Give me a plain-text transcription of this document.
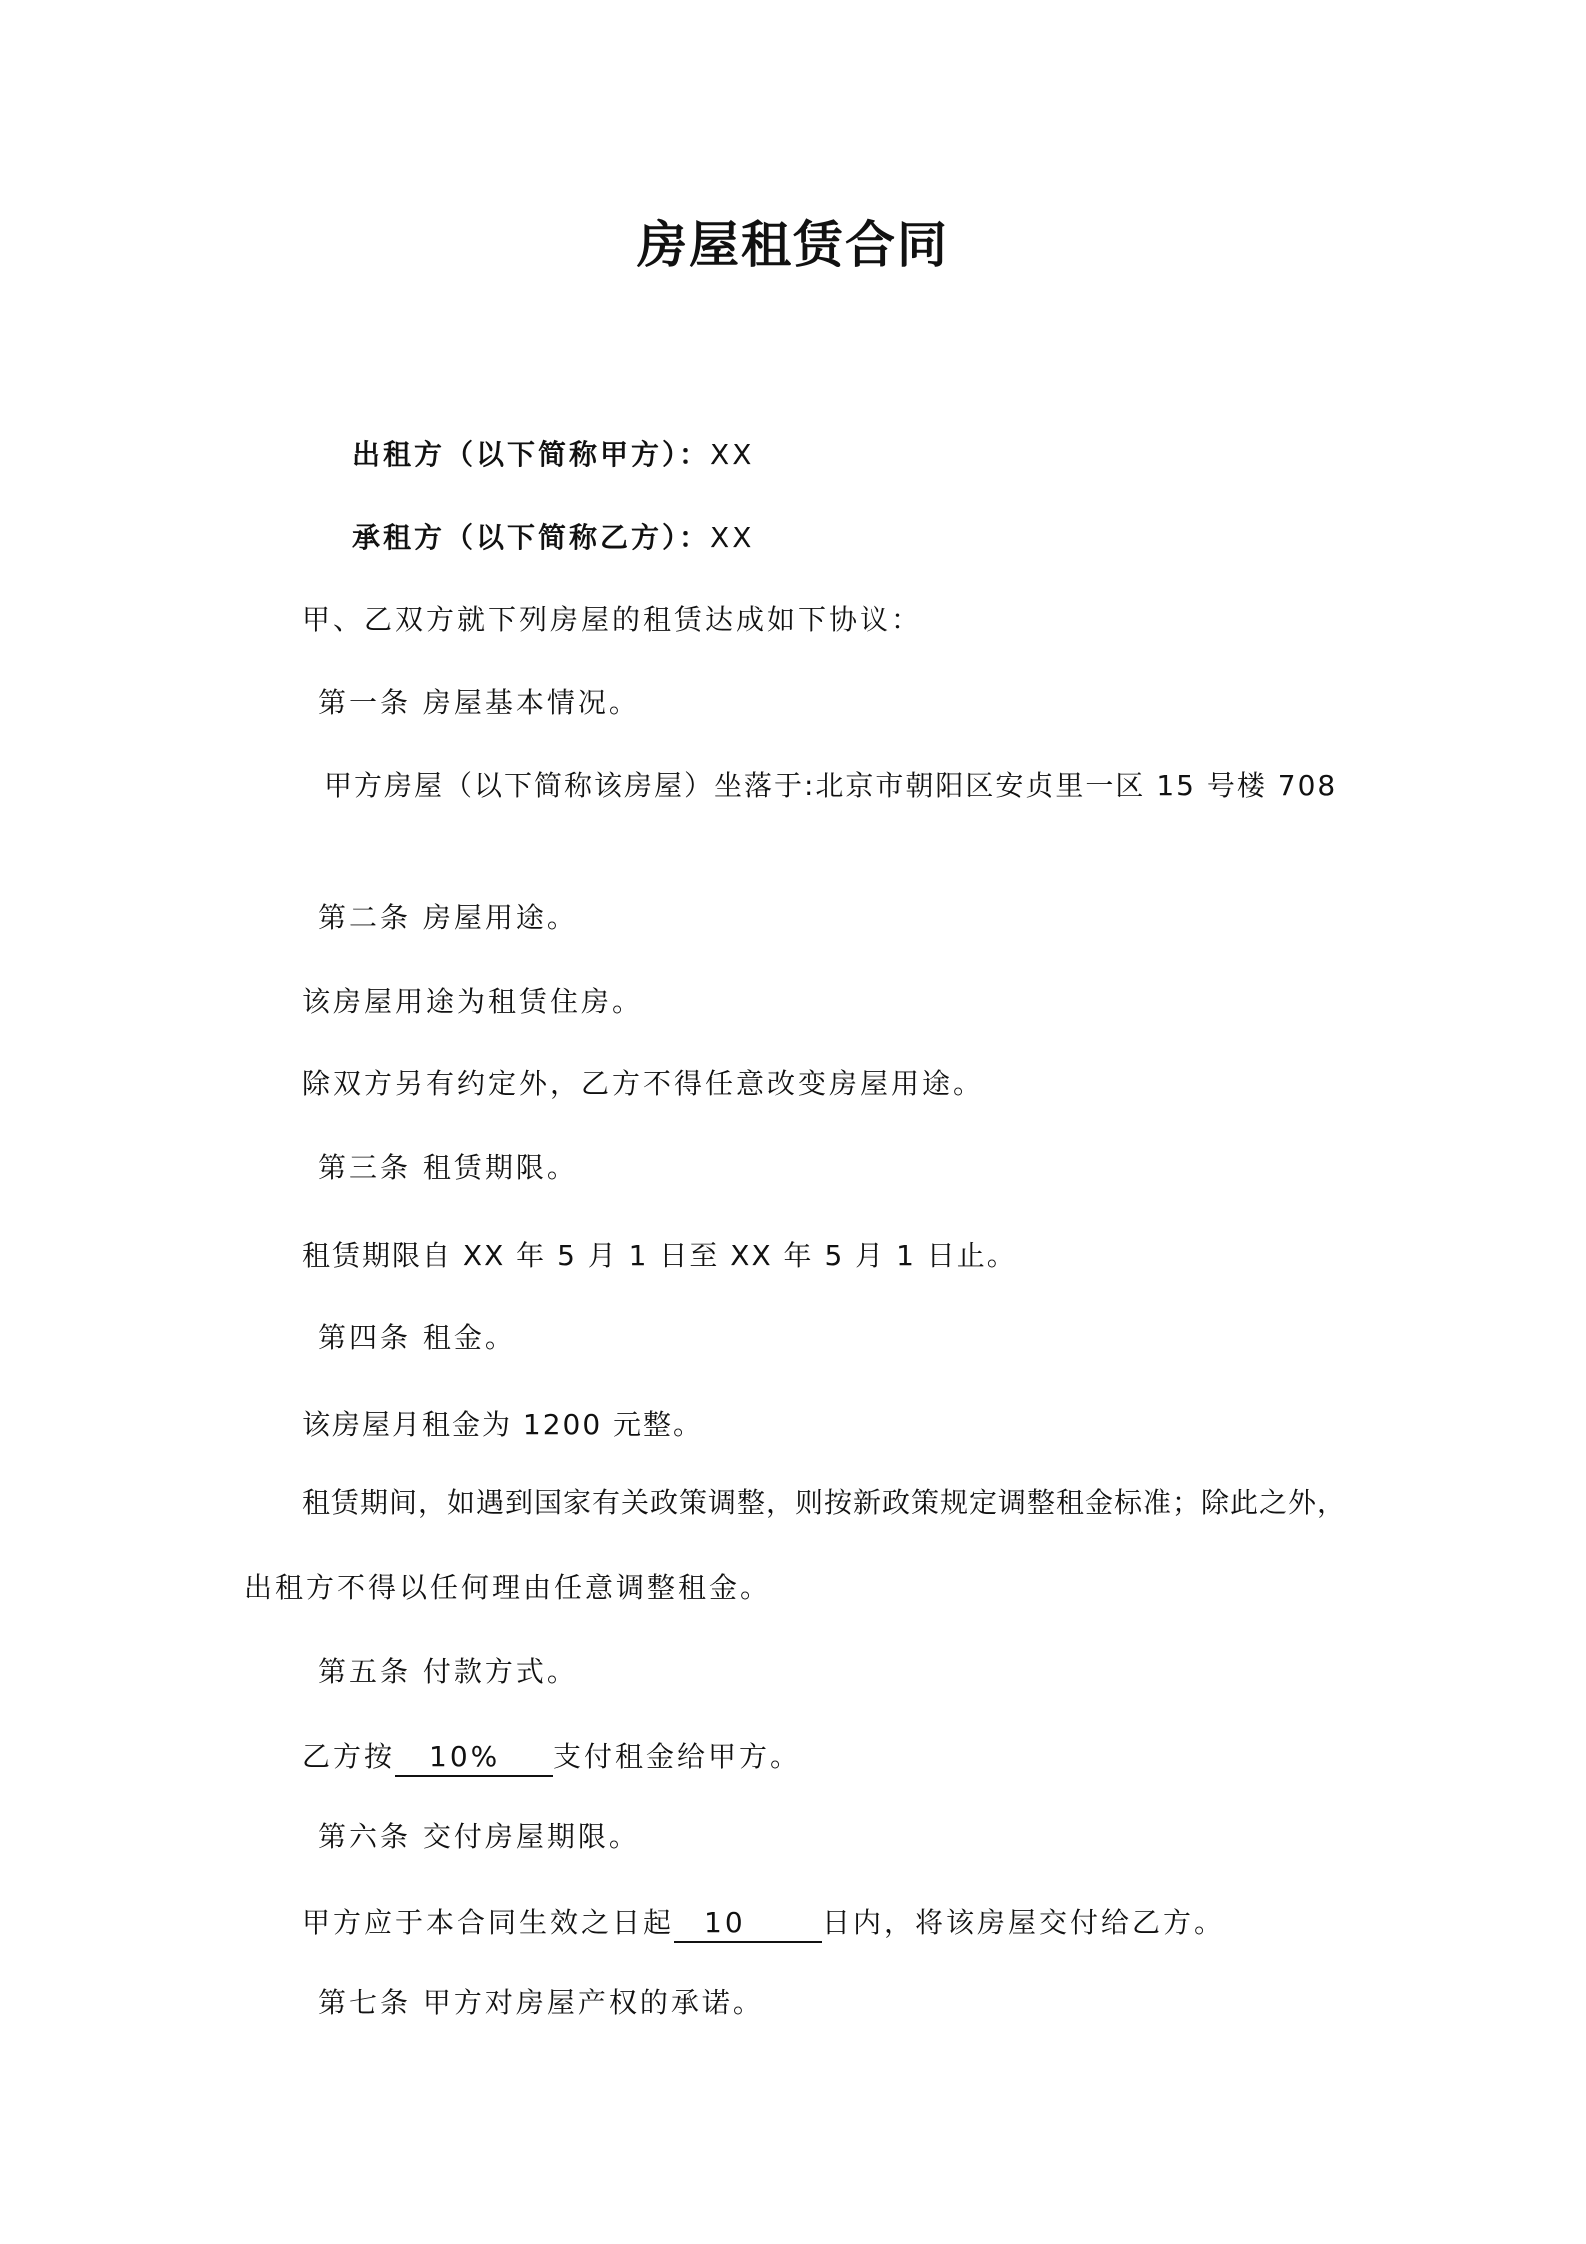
房屋租赁合同
出租方（以下简称甲方）：XX
承租方（以下简称乙方）：XX
甲、乙双方就下列房屋的租赁达成如下协议：
第一条 房屋基本情况。
甲方房屋（以下简称该房屋）坐落于:北京市朝阳区安贞里一区 15 号楼 708
第二条 房屋用途。
该房屋用途为租赁住房。
除双方另有约定外，乙方不得任意改变房屋用途。
第三条 租赁期限。
租赁期限自 XX 年 5 月 1 日至 XX 年 5 月 1 日止。
第四条 租金。
该房屋月租金为 1200 元整。
租赁期间，如遇到国家有关政策调整，则按新政策规定调整租金标准；除此之外，
出租方不得以任何理由任意调整租金。
第五条 付款方式。
乙方按 10% 支付租金给甲方。
第六条 交付房屋期限。
甲方应于本合同生效之日起 10	日内，将该房屋交付给乙方。
第七条 甲方对房屋产权的承诺。
